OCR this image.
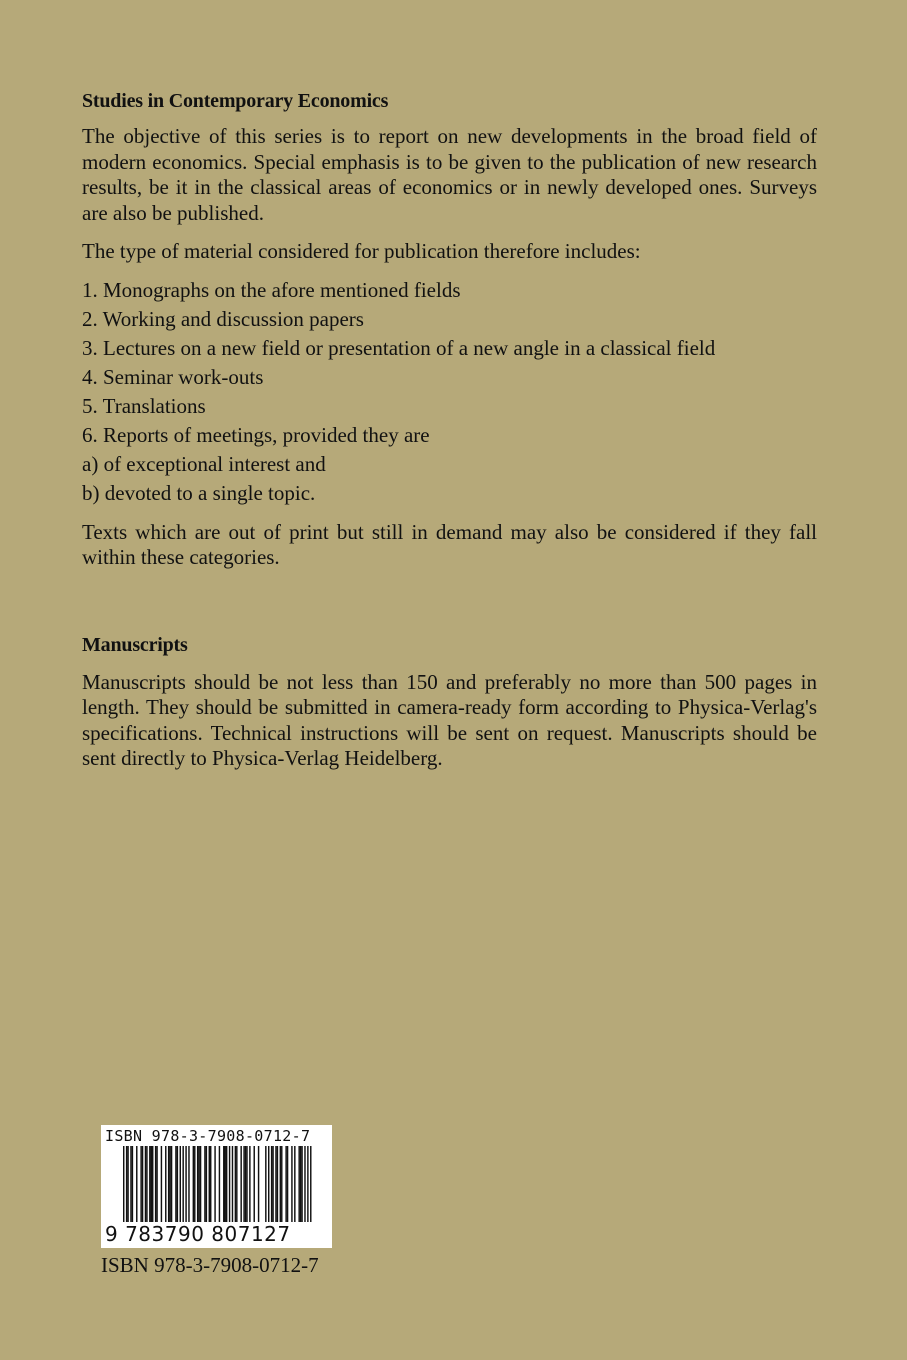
Studies in Contemporary Economics

The objective of this series is to report on new developments in the broad field of modern economics. Special emphasis is to be given to the publication of new research results, be it in the classical areas of economics or in newly developed ones. Surveys are also be published.

The type of material considered for publication therefore includes:

1. Monographs on the afore mentioned fields
2. Working and discussion papers
3. Lectures on a new field or presentation of a new angle in a classical field
4. Seminar work-outs
5. Translations
6. Reports of meetings, provided they are
a) of exceptional interest and
b) devoted to a single topic.

Texts which are out of print but still in demand may also be considered if they fall within these categories.

Manuscripts

Manuscripts should be not less than 150 and preferably no more than 500 pages in length. They should be submitted in camera-ready form according to Physica-Verlag's specifications. Technical instructions will be sent on request. Manuscripts should be sent directly to Physica-Verlag Heidelberg.

ISBN 978-3-7908-0712-7
9 783790 807127
ISBN 978-3-7908-0712-7
